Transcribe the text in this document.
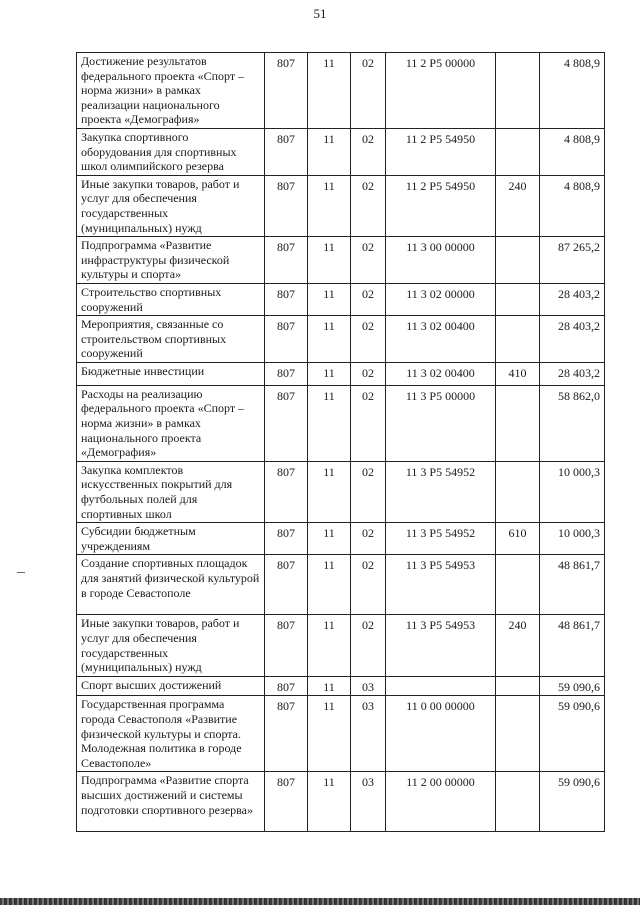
51
Достижение результатов федерального проекта «Спорт – норма жизни» в рамках реализации национального проекта «Демография»	807	11	02	11 2 P5 00000		4 808,9
Закупка спортивного оборудования для спортивных школ олимпийского резерва	807	11	02	11 2 P5 54950		4 808,9
Иные закупки товаров, работ и услуг для обеспечения государственных (муниципальных) нужд	807	11	02	11 2 P5 54950	240	4 808,9
Подпрограмма «Развитие инфраструктуры физической культуры и спорта»	807	11	02	11 3 00 00000		87 265,2
Строительство спортивных сооружений	807	11	02	11 3 02 00000		28 403,2
Мероприятия, связанные со строительством спортивных сооружений	807	11	02	11 3 02 00400		28 403,2
Бюджетные инвестиции	807	11	02	11 3 02 00400	410	28 403,2
Расходы на реализацию федерального проекта «Спорт – норма жизни» в рамках национального проекта «Демография»	807	11	02	11 3 P5 00000		58 862,0
Закупка комплектов искусственных покрытий для футбольных полей для спортивных школ	807	11	02	11 3 P5 54952		10 000,3
Субсидии бюджетным учреждениям	807	11	02	11 3 P5 54952	610	10 000,3
Создание спортивных площадок для занятий физической культурой в городе Севастополе	807	11	02	11 3 P5 54953		48 861,7
Иные закупки товаров, работ и услуг для обеспечения государственных (муниципальных) нужд	807	11	02	11 3 P5 54953	240	48 861,7
Спорт высших достижений	807	11	03			59 090,6
Государственная программа города Севастополя «Развитие физической культуры и спорта. Молодежная политика в городе Севастополе»	807	11	03	11 0 00 00000		59 090,6
Подпрограмма «Развитие спорта высших достижений и системы подготовки спортивного резерва»	807	11	03	11 2 00 00000		59 090,6
